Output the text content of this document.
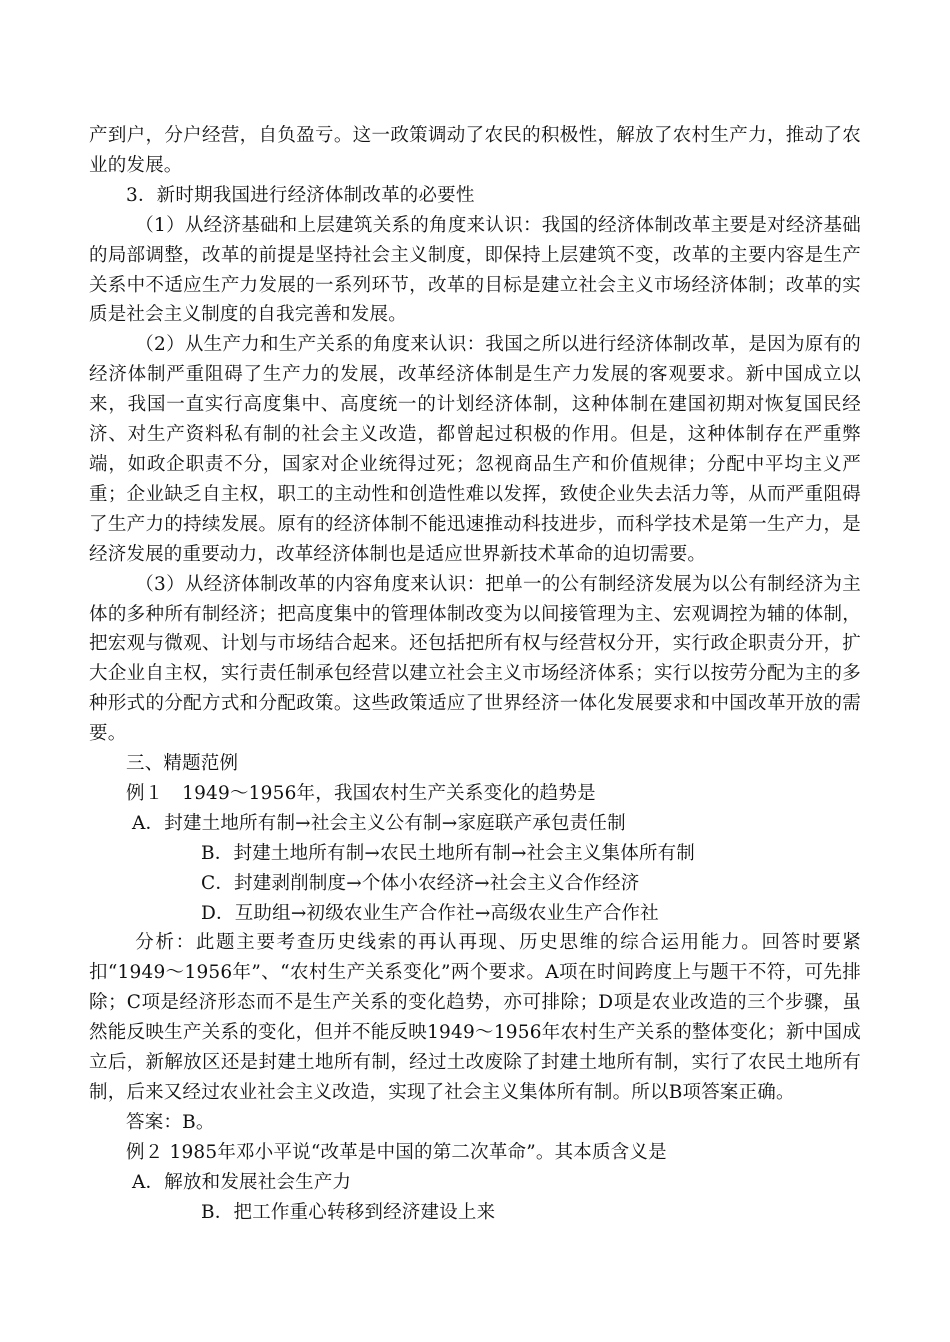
产到户，分户经营，自负盈亏。这一政策调动了农民的积极性，解放了农村生产力，推动了农业的发展。

3．新时期我国进行经济体制改革的必要性

（1）从经济基础和上层建筑关系的角度来认识：我国的经济体制改革主要是对经济基础的局部调整，改革的前提是坚持社会主义制度，即保持上层建筑不变，改革的主要内容是生产关系中不适应生产力发展的一系列环节，改革的目标是建立社会主义市场经济体制；改革的实质是社会主义制度的自我完善和发展。

（2）从生产力和生产关系的角度来认识：我国之所以进行经济体制改革，是因为原有的经济体制严重阻碍了生产力的发展，改革经济体制是生产力发展的客观要求。新中国成立以来，我国一直实行高度集中、高度统一的计划经济体制，这种体制在建国初期对恢复国民经济、对生产资料私有制的社会主义改造，都曾起过积极的作用。但是，这种体制存在严重弊端，如政企职责不分，国家对企业统得过死；忽视商品生产和价值规律；分配中平均主义严重；企业缺乏自主权，职工的主动性和创造性难以发挥，致使企业失去活力等，从而严重阻碍了生产力的持续发展。原有的经济体制不能迅速推动科技进步，而科学技术是第一生产力，是经济发展的重要动力，改革经济体制也是适应世界新技术革命的迫切需要。

（3）从经济体制改革的内容角度来认识：把单一的公有制经济发展为以公有制经济为主体的多种所有制经济；把高度集中的管理体制改变为以间接管理为主、宏观调控为辅的体制，把宏观与微观、计划与市场结合起来。还包括把所有权与经营权分开，实行政企职责分开，扩大企业自主权，实行责任制承包经营以建立社会主义市场经济体系；实行以按劳分配为主的多种形式的分配方式和分配政策。这些政策适应了世界经济一体化发展要求和中国改革开放的需要。

三、精题范例

例１　1949～1956年，我国农村生产关系变化的趋势是

A．封建土地所有制→社会主义公有制→家庭联产承包责任制

B．封建土地所有制→农民土地所有制→社会主义集体所有制

C．封建剥削制度→个体小农经济→社会主义合作经济

D．互助组→初级农业生产合作社→高级农业生产合作社

分析：此题主要考查历史线索的再认再现、历史思维的综合运用能力。回答时要紧扣“1949～1956年”、“农村生产关系变化”两个要求。A项在时间跨度上与题干不符，可先排除；C项是经济形态而不是生产关系的变化趋势，亦可排除；D项是农业改造的三个步骤，虽然能反映生产关系的变化，但并不能反映1949～1956年农村生产关系的整体变化；新中国成立后，新解放区还是封建土地所有制，经过土改废除了封建土地所有制，实行了农民土地所有制，后来又经过农业社会主义改造，实现了社会主义集体所有制。所以B项答案正确。

答案：B。

例２ 1985年邓小平说“改革是中国的第二次革命”。其本质含义是

A．解放和发展社会生产力

B．把工作重心转移到经济建设上来
